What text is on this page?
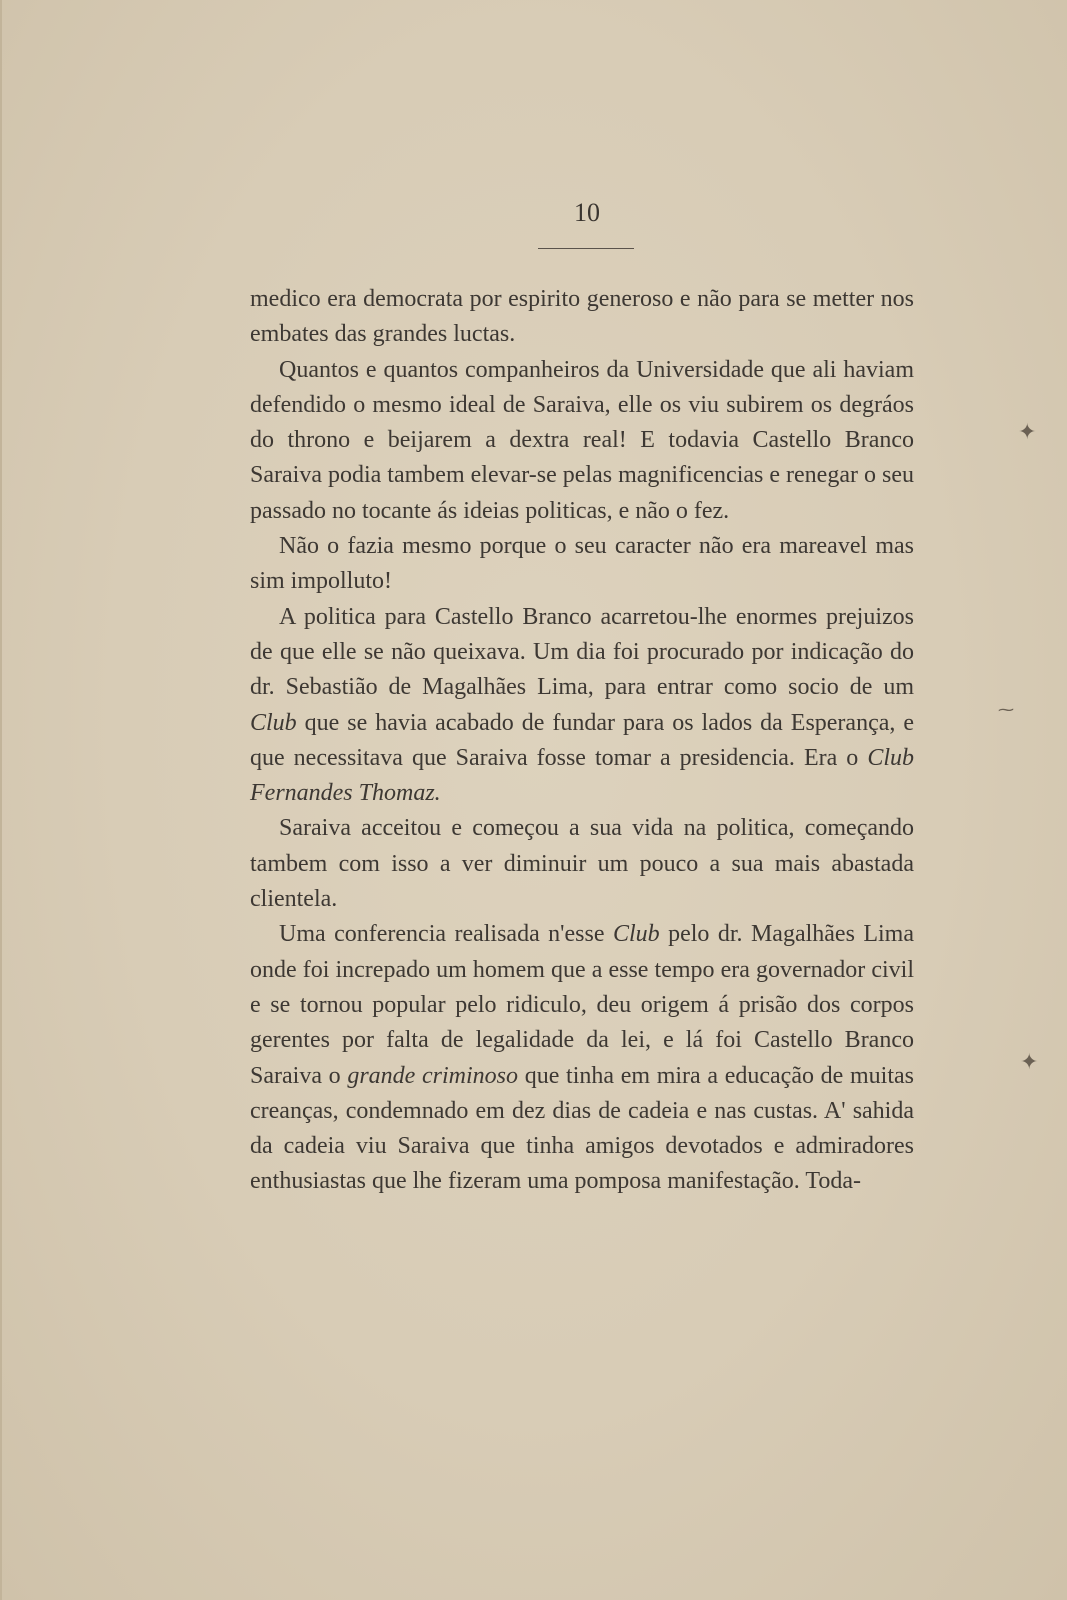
10

medico era democrata por espirito generoso e não para se metter nos embates das grandes luctas.

Quantos e quantos companheiros da Universidade que ali haviam defendido o mesmo ideal de Saraiva, elle os viu subirem os degráos do throno e beijarem a dextra real! E todavia Castello Branco Saraiva podia tambem elevar-se pelas magnificencias e renegar o seu passado no tocante ás ideias politicas, e não o fez.

Não o fazia mesmo porque o seu caracter não era mareavel mas sim impolluto!

A politica para Castello Branco acarretou-lhe enormes prejuizos de que elle se não queixava. Um dia foi procurado por indicação do dr. Sebastião de Magalhães Lima, para entrar como socio de um Club que se havia acabado de fundar para os lados da Esperança, e que necessitava que Saraiva fosse tomar a presidencia. Era o Club Fernandes Thomaz.

Saraiva acceitou e começou a sua vida na politica, começando tambem com isso a ver diminuir um pouco a sua mais abastada clientela.

Uma conferencia realisada n'esse Club pelo dr. Magalhães Lima onde foi increpado um homem que a esse tempo era governador civil e se tornou popular pelo ridiculo, deu origem á prisão dos corpos gerentes por falta de legalidade da lei, e lá foi Castello Branco Saraiva o grande criminoso que tinha em mira a educação de muitas creanças, condemnado em dez dias de cadeia e nas custas. A' sahida da cadeia viu Saraiva que tinha amigos devotados e admiradores enthusiastas que lhe fizeram uma pomposa manifestação. Toda-

✦
⁓
✦
